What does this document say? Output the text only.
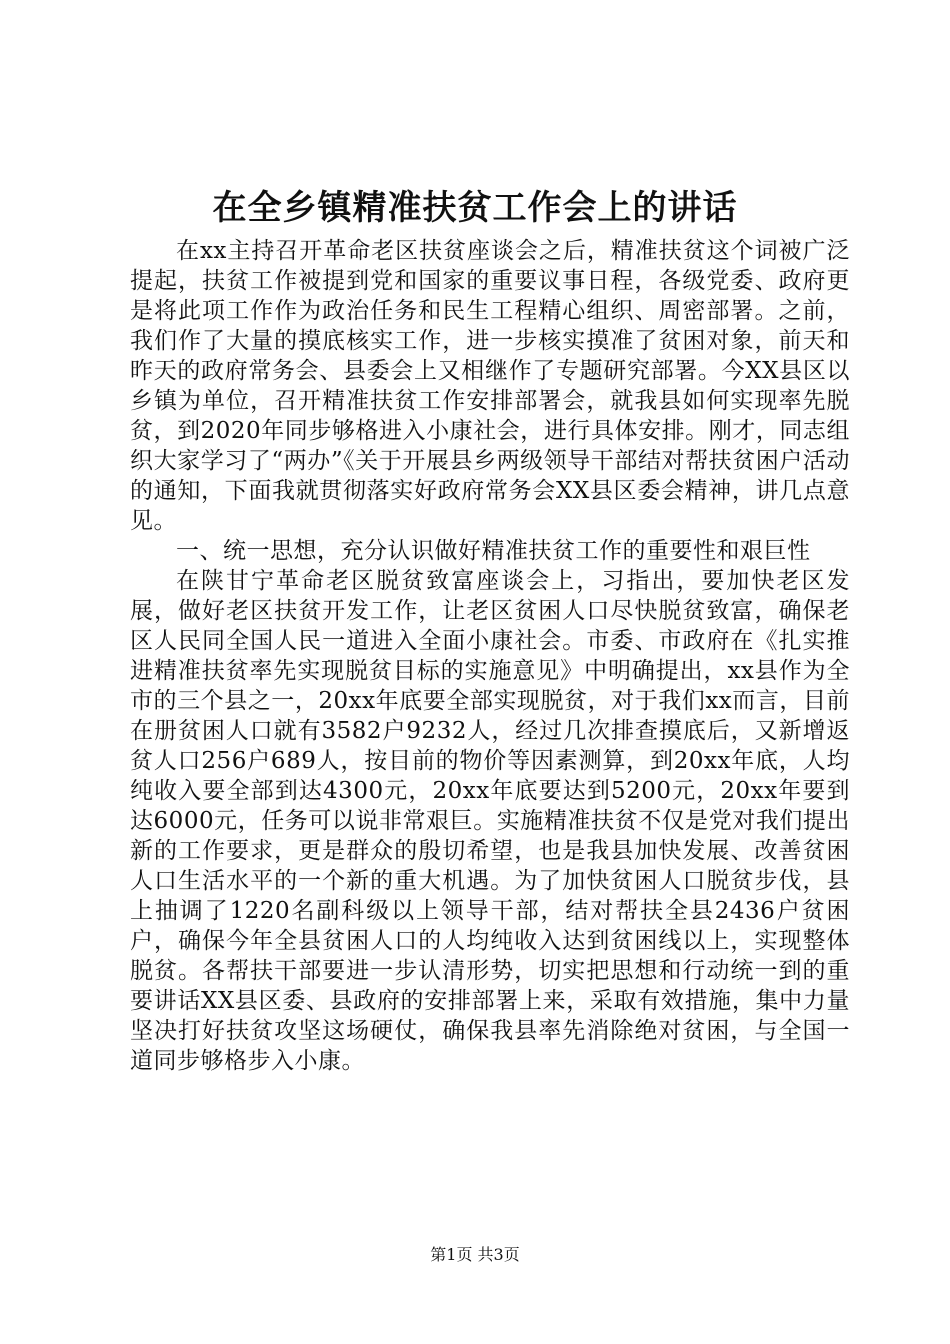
在全乡镇精准扶贫工作会上的讲话

在xx主持召开革命老区扶贫座谈会之后，精准扶贫这个词被广泛提起，扶贫工作被提到党和国家的重要议事日程，各级党委、政府更是将此项工作作为政治任务和民生工程精心组织、周密部署。之前，我们作了大量的摸底核实工作，进一步核实摸准了贫困对象，前天和昨天的政府常务会、县委会上又相继作了专题研究部署。今XX县区以乡镇为单位，召开精准扶贫工作安排部署会，就我县如何实现率先脱贫，到2020年同步够格进入小康社会，进行具体安排。刚才，同志组织大家学习了“两办”《关于开展县乡两级领导干部结对帮扶贫困户活动的通知，下面我就贯彻落实好政府常务会XX县区委会精神，讲几点意见。

一、统一思想，充分认识做好精准扶贫工作的重要性和艰巨性

在陕甘宁革命老区脱贫致富座谈会上，习指出，要加快老区发展，做好老区扶贫开发工作，让老区贫困人口尽快脱贫致富，确保老区人民同全国人民一道进入全面小康社会。市委、市政府在《扎实推进精准扶贫率先实现脱贫目标的实施意见》中明确提出，xx县作为全市的三个县之一，20xx年底要全部实现脱贫，对于我们xx而言，目前在册贫困人口就有3582户9232人，经过几次排查摸底后，又新增返贫人口256户689人，按目前的物价等因素测算，到20xx年底，人均纯收入要全部到达4300元，20xx年底要达到5200元，20xx年要到达6000元，任务可以说非常艰巨。实施精准扶贫不仅是党对我们提出新的工作要求，更是群众的殷切希望，也是我县加快发展、改善贫困人口生活水平的一个新的重大机遇。为了加快贫困人口脱贫步伐，县上抽调了1220名副科级以上领导干部，结对帮扶全县2436户贫困户，确保今年全县贫困人口的人均纯收入达到贫困线以上，实现整体脱贫。各帮扶干部要进一步认清形势，切实把思想和行动统一到的重要讲话XX县区委、县政府的安排部署上来，采取有效措施，集中力量坚决打好扶贫攻坚这场硬仗，确保我县率先消除绝对贫困，与全国一道同步够格步入小康。

第1页 共3页
